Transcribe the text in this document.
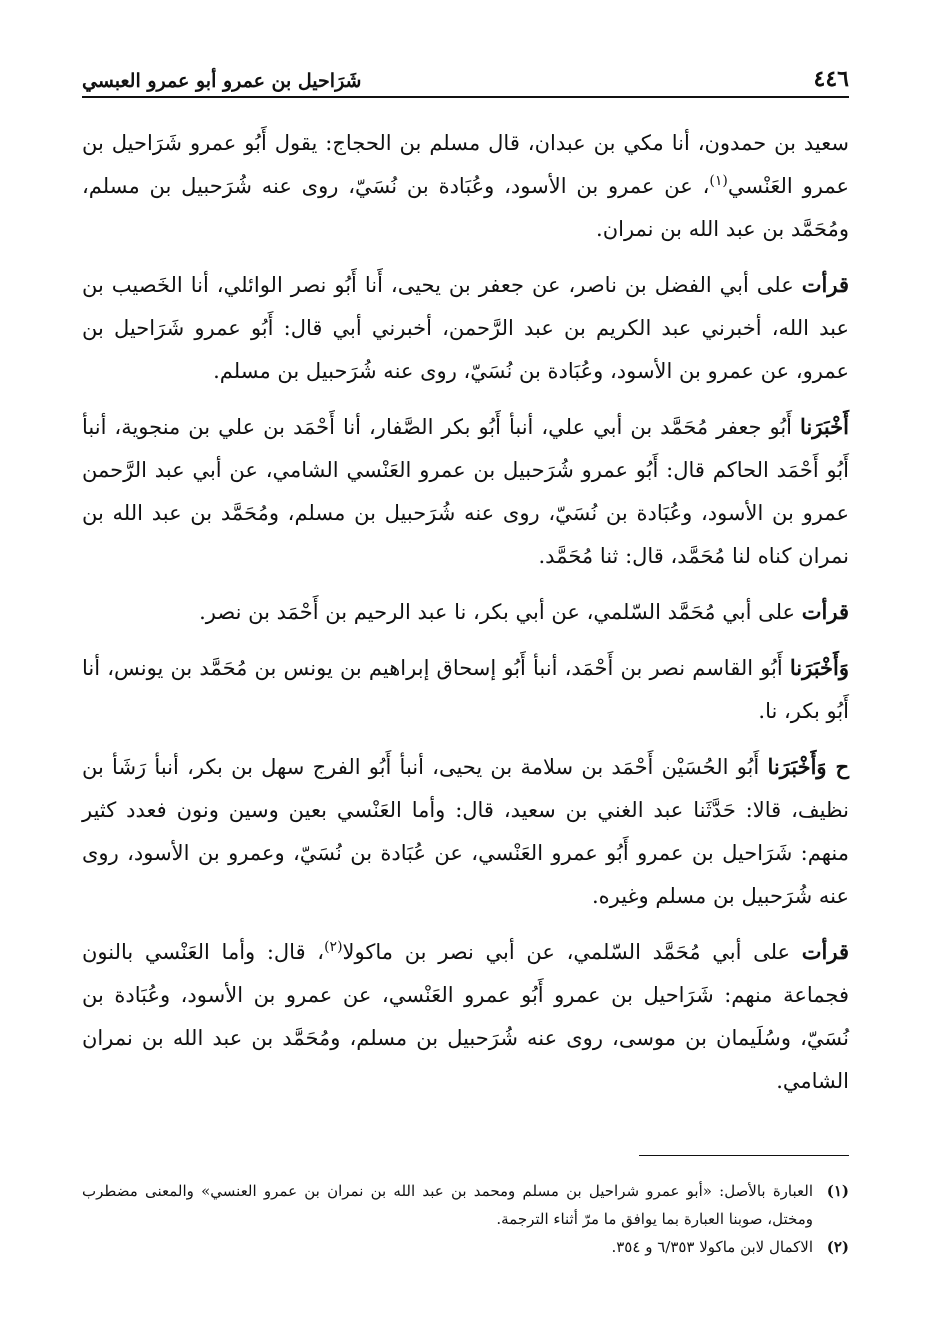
٤٤٦
شَرَاحيل بن عمرو أبو عمرو العبسي

سعيد بن حمدون، أنا مكي بن عبدان، قال مسلم بن الحجاج: يقول أَبُو عمرو شَرَاحيل بن عمرو العَنْسي$^{(١)}$، عن عمرو بن الأسود، وعُبَادة بن نُسَيّ، روى عنه شُرَحبيل بن مسلم، ومُحَمَّد بن عبد الله بن نمران.

قرأت على أبي الفضل بن ناصر، عن جعفر بن يحيى، أَنا أَبُو نصر الوائلي، أنا الخَصيب بن عبد الله، أخبرني عبد الكريم بن عبد الرَّحمن، أخبرني أبي قال: أَبُو عمرو شَرَاحيل بن عمرو، عن عمرو بن الأسود، وعُبَادة بن نُسَيّ، روى عنه شُرَحبيل بن مسلم.

أَخْبَرَنا أَبُو جعفر مُحَمَّد بن أبي علي، أنبأ أَبُو بكر الصَّفار، أنا أَحْمَد بن علي بن منجوية، أنبأ أَبُو أَحْمَد الحاكم قال: أَبُو عمرو شُرَحبيل بن عمرو العَنْسي الشامي، عن أبي عبد الرَّحمن عمرو بن الأسود، وعُبَادة بن نُسَيّ، روى عنه شُرَحبيل بن مسلم، ومُحَمَّد بن عبد الله بن نمران كناه لنا مُحَمَّد، قال: ثنا مُحَمَّد.

قرأت على أبي مُحَمَّد السّلمي، عن أبي بكر، نا عبد الرحيم بن أَحْمَد بن نصر.

وَأَخْبَرَنا أَبُو القاسم نصر بن أَحْمَد، أنبأ أَبُو إسحاق إبراهيم بن يونس بن مُحَمَّد بن يونس، أنا أَبُو بكر، نا.

ح وَأَخْبَرَنا أَبُو الحُسَيْن أَحْمَد بن سلامة بن يحيى، أنبأ أَبُو الفرج سهل بن بكر، أنبأ رَشَأ بن نظيف، قالا: حَدَّثَنا عبد الغني بن سعيد، قال: وأما العَنْسي بعين وسين ونون فعدد كثير منهم: شَرَاحيل بن عمرو أَبُو عمرو العَنْسي، عن عُبَادة بن نُسَيّ، وعمرو بن الأسود، روى عنه شُرَحبيل بن مسلم وغيره.

قرأت على أبي مُحَمَّد السّلمي، عن أبي نصر بن ماكولا$^{(٢)}$، قال: وأما العَنْسي بالنون فجماعة منهم: شَرَاحيل بن عمرو أَبُو عمرو العَنْسي، عن عمرو بن الأسود، وعُبَادة بن نُسَيّ، وسُلَيمان بن موسى، روى عنه شُرَحبيل بن مسلم، ومُحَمَّد بن عبد الله بن نمران الشامي.

(١)
العبارة بالأصل: «أبو عمرو شراحيل بن مسلم ومحمد بن عبد الله بن نمران بن عمرو العنسي» والمعنى مضطرب ومختل، صوبنا العبارة بما يوافق ما مرّ أثناء الترجمة.
(٢)
الاكمال لابن ماكولا ٦/٣٥٣ و ٣٥٤.
